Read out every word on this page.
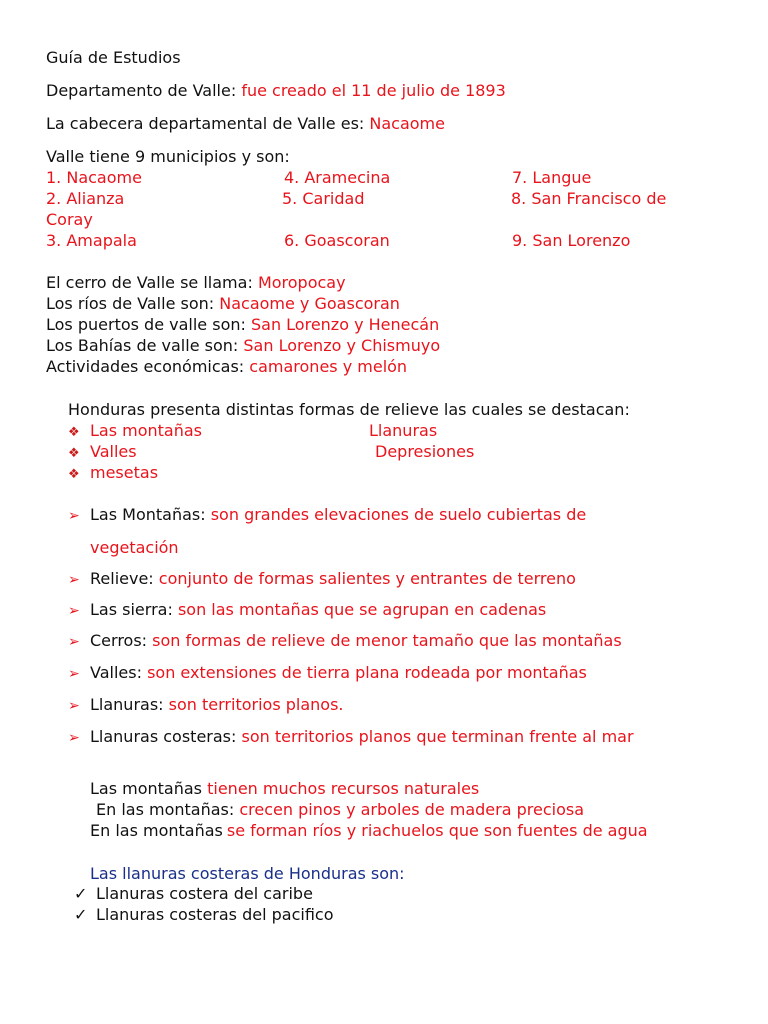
Guía de Estudios
Departamento de Valle: fue creado el 11 de julio de 1893
La cabecera departamental de Valle es: Nacaome
Valle tiene 9 municipios y son:
1. Nacaome	4. Aramecina	7. Langue
2. Alianza	5. Caridad	8. San Francisco de
Coray
3. Amapala	6. Goascoran	9. San Lorenzo
El cerro de Valle se llama: Moropocay
Los ríos de Valle son: Nacaome y Goascoran
Los puertos de valle son: San Lorenzo y Henecán
Los Bahías de valle son: San Lorenzo y Chismuyo
Actividades económicas: camarones y melón
Honduras presenta distintas formas de relieve las cuales se destacan:
❖ Las montañas	Llanuras
❖ Valles	Depresiones
❖ mesetas
➢ Las Montañas: son grandes elevaciones de suelo cubiertas de
vegetación
➢ Relieve: conjunto de formas salientes y entrantes de terreno
➢ Las sierra: son las montañas que se agrupan en cadenas
➢ Cerros: son formas de relieve de menor tamaño que las montañas
➢ Valles: son extensiones de tierra plana rodeada por montañas
➢ Llanuras: son territorios planos.
➢ Llanuras costeras: son territorios planos que terminan frente al mar
Las montañas tienen muchos recursos naturales
En las montañas: crecen pinos y arboles de madera preciosa
En las montañas se forman ríos y riachuelos que son fuentes de agua
Las llanuras costeras de Honduras son:
✓ Llanuras costera del caribe
✓ Llanuras costeras del pacifico
